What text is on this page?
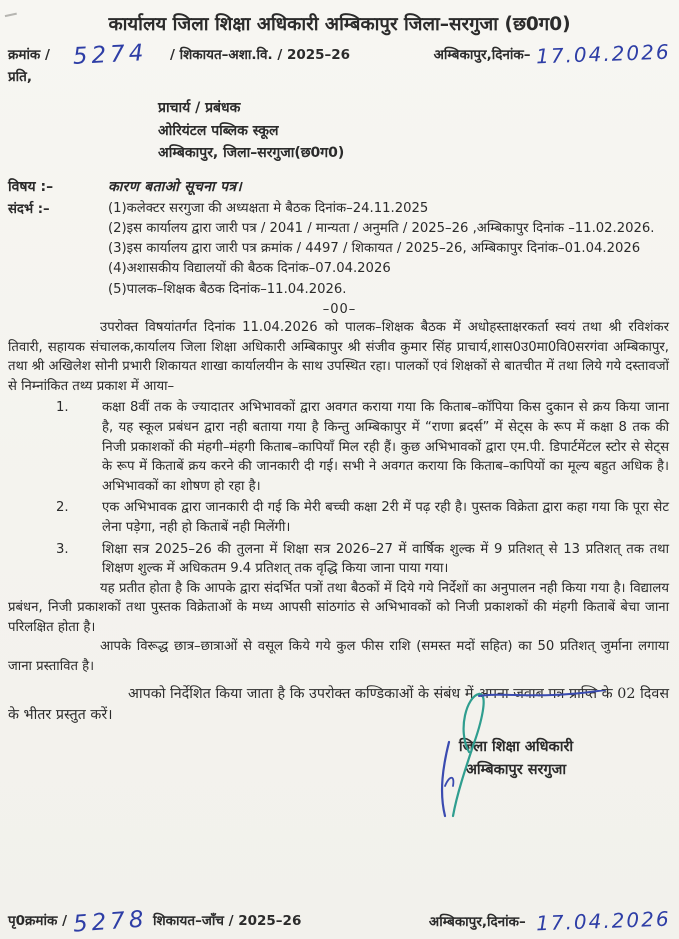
कार्यालय जिला शिक्षा अधिकारी अम्बिकापुर जिला–सरगुजा (छ0ग0)
क्रमांक / 5274	/ शिकायत–अशा.वि. / 2025–26	अम्बिकापुर,दिनांक– 17.04.2026
प्रति,
प्राचार्य / प्रबंधक
ओरियंटल पब्लिक स्कूल
अम्बिकापुर, जिला–सरगुजा(छ0ग0)
विषय :–	कारण बताओ सूचना पत्र।
संदर्भ :–	(1)कलेक्टर सरगुजा की अध्यक्षता मे बैठक दिनांक–24.11.2025
(2)इस कार्यालय द्वारा जारी पत्र / 2041 / मान्यता / अनुमति / 2025–26 ,अम्बिकापुर दिनांक –11.02.2026.
(3)इस कार्यालय द्वारा जारी पत्र क्रमांक / 4497 / शिकायत / 2025–26, अम्बिकापुर दिनांक–01.04.2026
(4)अशासकीय विद्यालयों की बैठक दिनांक–07.04.2026
(5)पालक–शिक्षक बैठक दिनांक–11.04.2026.
–00–

उपरोक्त विषयांतर्गत दिनांक 11.04.2026 को पालक–शिक्षक बैठक में अधोहस्ताक्षरकर्ता स्वयं तथा श्री रविशंकर तिवारी, सहायक संचालक,कार्यालय जिला शिक्षा अधिकारी अम्बिकापुर श्री संजीव कुमार सिंह प्राचार्य,शास0उ0मा0वि0सरगंवा अम्बिकापुर, तथा श्री अखिलेश सोनी प्रभारी शिकायत शाखा कार्यालयीन के साथ उपस्थित रहा। पालकों एवं शिक्षकों से बातचीत में तथा लिये गये दस्तावजों से निम्नांकित तथ्य प्रकाश में आया–

1.	कक्षा 8वीं तक के ज्यादातर अभिभावकों द्वारा अवगत कराया गया कि किताब–कॉपिया किस दुकान से क्रय किया जाना है, यह स्कूल प्रबंधन द्वारा नही बताया गया है किन्तु अम्बिकापुर में “राणा ब्रदर्स” में सेट्स के रूप में कक्षा 8 तक की निजी प्रकाशकों की मंहगी–मंहगी किताब–कापियाँ मिल रही हैं। कुछ अभिभावकों द्वारा एम.पी. डिपार्टमेंटल स्टोर से सेट्स के रूप में किताबें क्रय करने की जानकारी दी गई। सभी ने अवगत कराया कि किताब–कापियों का मूल्य बहुत अधिक है। अभिभावकों का शोषण हो रहा है।
2.	एक अभिभावक द्वारा जानकारी दी गई कि मेरी बच्ची कक्षा 2री में पढ़ रही है। पुस्तक विक्रेता द्वारा कहा गया कि पूरा सेट लेना पड़ेगा, नही हो किताबें नही मिलेंगी।
3.	शिक्षा सत्र 2025–26 की तुलना में शिक्षा सत्र 2026–27 में वार्षिक शुल्क में 9 प्रतिशत् से 13 प्रतिशत् तक तथा शिक्षण शुल्क में अधिकतम 9.4 प्रतिशत् तक वृद्धि किया जाना पाया गया।

यह प्रतीत होता है कि आपके द्वारा संदर्भित पत्रों तथा बैठकों में दिये गये निर्देशों का अनुपालन नही किया गया है। विद्यालय प्रबंधन, निजी प्रकाशकों तथा पुस्तक विक्रेताओं के मध्य आपसी सांठगांठ से अभिभावकों को निजी प्रकाशकों की मंहगी किताबें बेचा जाना परिलक्षित होता है।

आपके विरूद्ध छात्र–छात्राओं से वसूल किये गये कुल फीस राशि (समस्त मदों सहित) का 50 प्रतिशत् जुर्माना लगाया जाना प्रस्तावित है।

आपको निर्देशित किया जाता है कि उपरोक्त कण्डिकाओं के संबंध में अपना जवाब पत्र प्राप्ति के 02 दिवस के भीतर प्रस्तुत करें।

जिला शिक्षा अधिकारी
अम्बिकापुर सरगुजा
पृ0क्रमांक / 5278 शिकायत–जॉंच / 2025–26	अम्बिकापुर,दिनांक– 17.04.2026
